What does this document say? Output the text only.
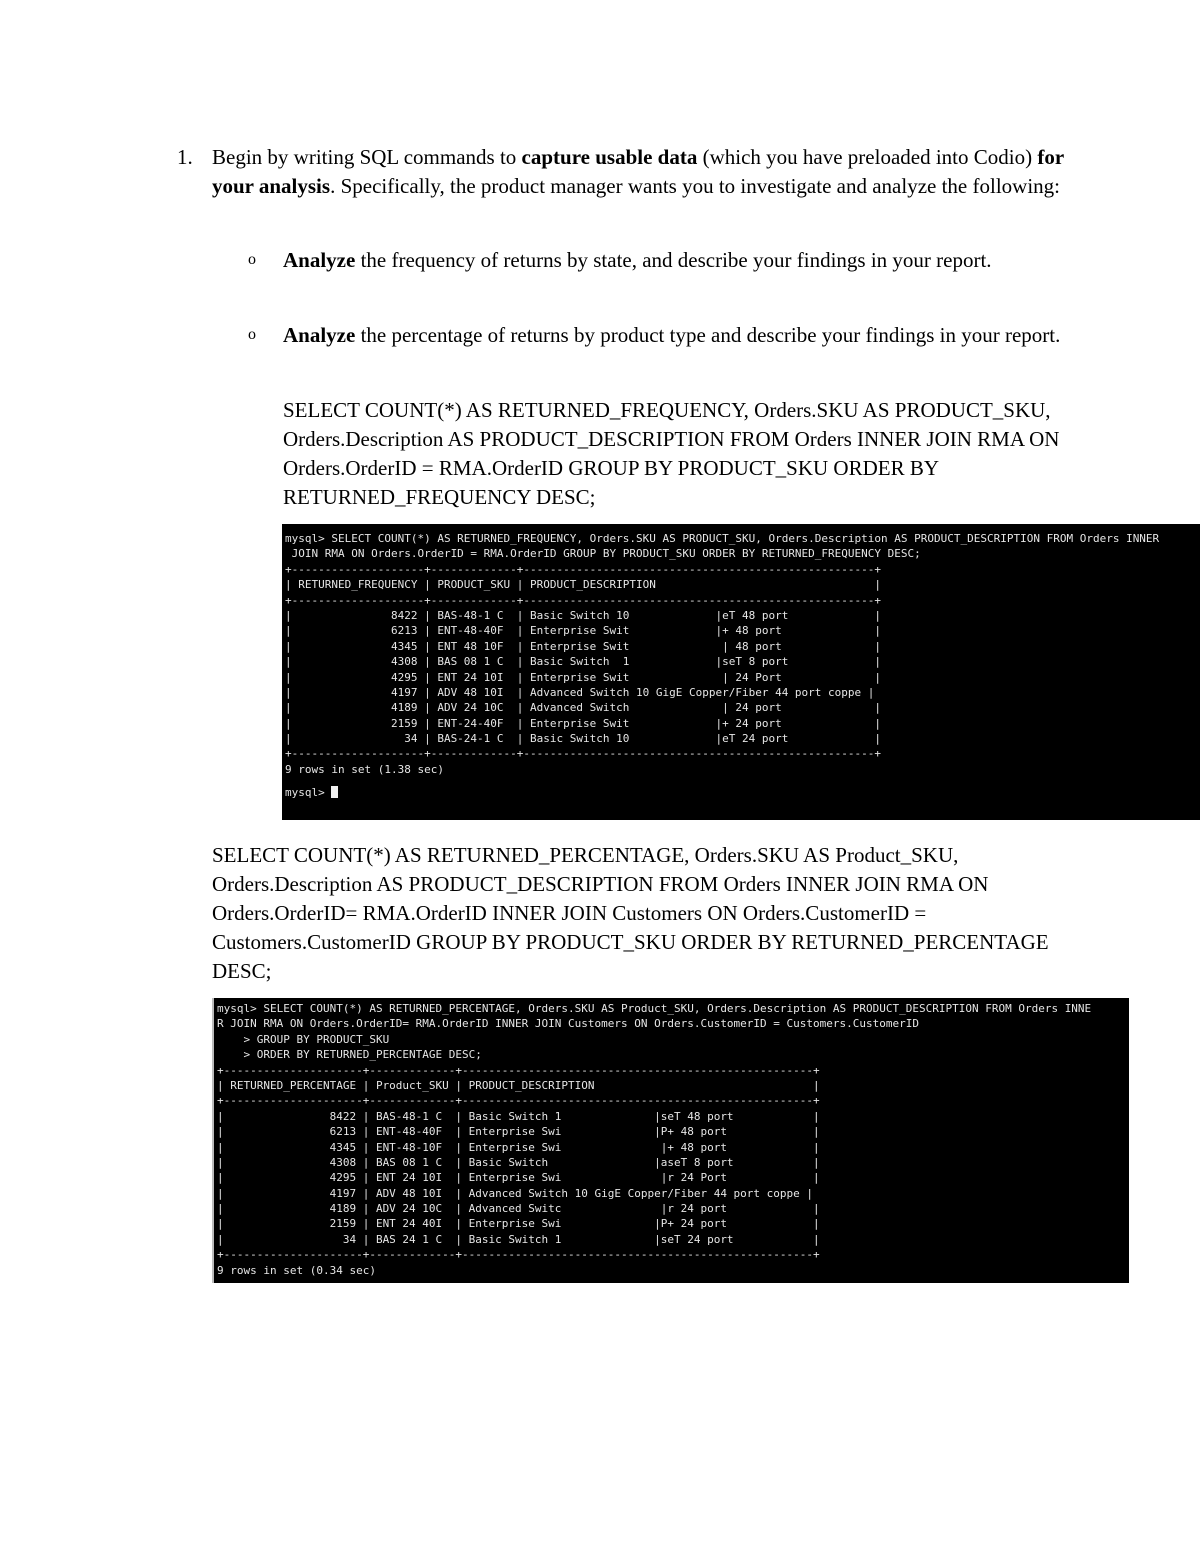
1. Begin by writing SQL commands to capture usable data (which you have preloaded into Codio) for your analysis. Specifically, the product manager wants you to investigate and analyze the following:
o Analyze the frequency of returns by state, and describe your findings in your report.
o Analyze the percentage of returns by product type and describe your findings in your report.
SELECT COUNT(*) AS RETURNED_FREQUENCY, Orders.SKU AS PRODUCT_SKU, Orders.Description AS PRODUCT_DESCRIPTION FROM Orders INNER JOIN RMA ON Orders.OrderID = RMA.OrderID GROUP BY PRODUCT_SKU ORDER BY RETURNED_FREQUENCY DESC;
mysql> SELECT COUNT(*) AS RETURNED_FREQUENCY, Orders.SKU AS PRODUCT_SKU, Orders.Description AS PRODUCT_DESCRIPTION FROM Orders INNER
JOIN RMA ON Orders.OrderID = RMA.OrderID GROUP BY PRODUCT_SKU ORDER BY RETURNED_FREQUENCY DESC;
+--------------------+-------------+-----------------------------------------------------+
| RETURNED_FREQUENCY | PRODUCT_SKU | PRODUCT_DESCRIPTION                                 |
+--------------------+-------------+-----------------------------------------------------+
|               8422 | BAS-48-1 C  | Basic Switch 10             |eT 48 port             |
|               6213 | ENT-48-40F  | Enterprise Swit             |+ 48 port              |
|               4345 | ENT 48 10F  | Enterprise Swit              | 48 port              |
|               4308 | BAS 08 1 C  | Basic Switch  1             |seT 8 port             |
|               4295 | ENT 24 10I  | Enterprise Swit              | 24 Port              |
|               4197 | ADV 48 10I  | Advanced Switch 10 GigE Copper/Fiber 44 port coppe |
|               4189 | ADV 24 10C  | Advanced Switch              | 24 port              |
|               2159 | ENT-24-40F  | Enterprise Swit             |+ 24 port              |
|                 34 | BAS-24-1 C  | Basic Switch 10             |eT 24 port             |
+--------------------+-------------+-----------------------------------------------------+
9 rows in set (1.38 sec)
mysql>
SELECT COUNT(*) AS RETURNED_PERCENTAGE, Orders.SKU AS Product_SKU, Orders.Description AS PRODUCT_DESCRIPTION FROM Orders INNER JOIN RMA ON Orders.OrderID= RMA.OrderID INNER JOIN Customers ON Orders.CustomerID = Customers.CustomerID GROUP BY PRODUCT_SKU ORDER BY RETURNED_PERCENTAGE DESC;
mysql> SELECT COUNT(*) AS RETURNED_PERCENTAGE, Orders.SKU AS Product_SKU, Orders.Description AS PRODUCT_DESCRIPTION FROM Orders INNE
R JOIN RMA ON Orders.OrderID= RMA.OrderID INNER JOIN Customers ON Orders.CustomerID = Customers.CustomerID
> GROUP BY PRODUCT_SKU
> ORDER BY RETURNED_PERCENTAGE DESC;
+---------------------+-------------+-----------------------------------------------------+
| RETURNED_PERCENTAGE | Product_SKU | PRODUCT_DESCRIPTION                                 |
+---------------------+-------------+-----------------------------------------------------+
|                8422 | BAS-48-1 C  | Basic Switch 1              |seT 48 port            |
|                6213 | ENT-48-40F  | Enterprise Swi              |P+ 48 port             |
|                4345 | ENT-48-10F  | Enterprise Swi               |+ 48 port             |
|                4308 | BAS 08 1 C  | Basic Switch                |aseT 8 port            |
|                4295 | ENT 24 10I  | Enterprise Swi               |r 24 Port             |
|                4197 | ADV 48 10I  | Advanced Switch 10 GigE Copper/Fiber 44 port coppe |
|                4189 | ADV 24 10C  | Advanced Switc               |r 24 port             |
|                2159 | ENT 24 40I  | Enterprise Swi              |P+ 24 port             |
|                  34 | BAS 24 1 C  | Basic Switch 1              |seT 24 port            |
+---------------------+-------------+-----------------------------------------------------+
9 rows in set (0.34 sec)
